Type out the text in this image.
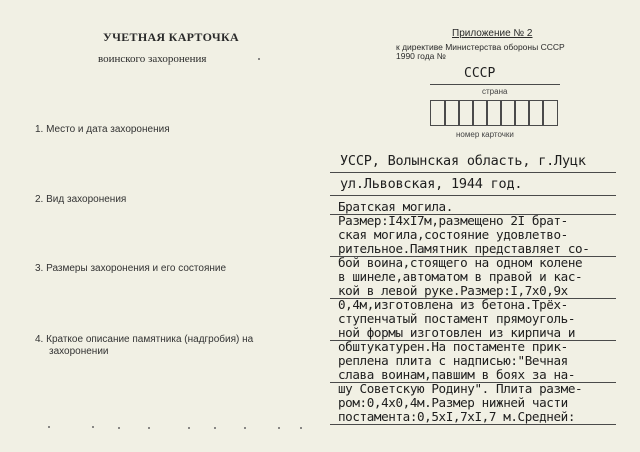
УЧЕТНАЯ КАРТОЧКА
воинского захоронения
Приложение № 2
к директиве Министерства обороны СССР
1990 года №
СССР
страна
номер карточки
1. Место и дата захоронения
2. Вид захоронения
3. Размеры захоронения и его состояние
4. Краткое описание памятника (надгробия) на
захоронении
УССР, Волынская область, г.Луцк
ул.Львовская, 1944 год.
Братская могила.
Размер:I4xI7м,размещено 2I брат-
ская могила,состояние удовлетво-
рительное.Памятник представляет со-
бой воина,стоящего на одном колене
в шинеле,автоматом в правой и кас-
кой в левой руке.Размер:I,7x0,9x
0,4м,изготовлена из бетона.Трёх-
ступенчатый постамент прямоуголь-
ной формы изготовлен из кирпича и
обштукатурен.На постаменте прик-
реплена плита с надписью:"Вечная
слава воинам,павшим в боях за на-
шу Советскую Родину". Плита разме-
ром:0,4x0,4м.Размер нижней части
постамента:0,5xI,7xI,7 м.Средней:
